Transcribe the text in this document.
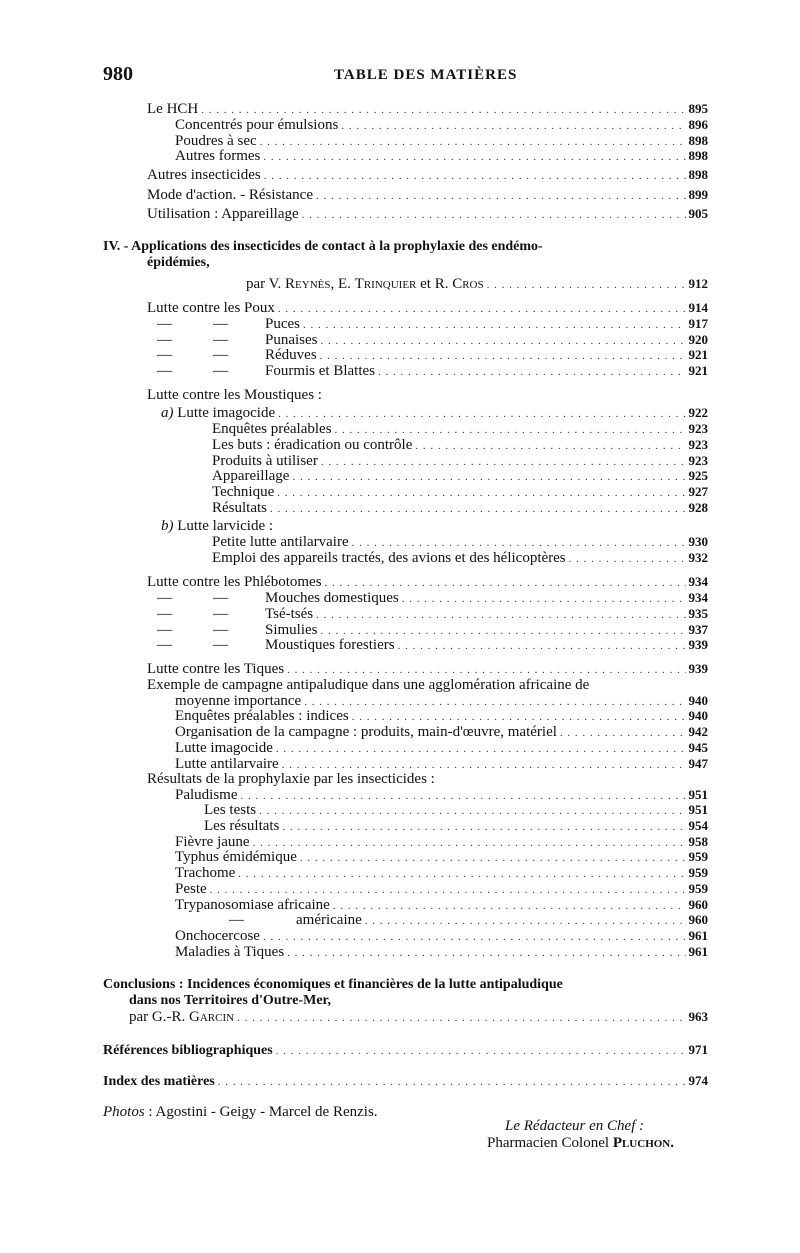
980	TABLE DES MATIÈRES
Le HCH . . .	895
Concentrés pour émulsions . . .	896
Poudres à sec . . .	898
Autres formes . . .	898
Autres insecticides . . .	898
Mode d'action. - Résistance . . .	899
Utilisation : Appareillage . . .	905
IV. - Applications des insecticides de contact à la prophylaxie des endémo-
épidémies,
par V. Reynès, E. Trinquier et R. Cros . . .	912
Lutte contre les Poux . . .	914
—	— Puces . . .	917
—	— Punaises . . .	920
—	— Réduves . . .	921
—	— Fourmis et Blattes . . .	921
Lutte contre les Moustiques :
a) Lutte imagocide . . .	922
Enquêtes préalables . . .	923
Les buts : éradication ou contrôle . . .	923
Produits à utiliser . . .	923
Appareillage . . .	925
Technique . . .	927
Résultats . . .	928
b) Lutte larvicide :
Petite lutte antilarvaire . . .	930
Emploi des appareils tractés, des avions et des hélicoptères . . .	932
Lutte contre les Phlébotomes . . .	934
—	— Mouches domestiques . . .	934
—	— Tsé-tsés . . .	935
—	— Simulies . . .	937
—	— Moustiques forestiers . . .	939
Lutte contre les Tiques . . .	939
Exemple de campagne antipaludique dans une agglomération africaine de
moyenne importance . . .	940
Enquêtes préalables : indices . . .	940
Organisation de la campagne : produits, main-d'œuvre, matériel . . .	942
Lutte imagocide . . .	945
Lutte antilarvaire . . .	947
Résultats de la prophylaxie par les insecticides :
Paludisme . . .	951
Les tests . . .	951
Les résultats . . .	954
Fièvre jaune . . .	958
Typhus émidémique . . .	959
Trachome . . .	959
Peste . . .	959
Trypanosomiase africaine . . .	960
—	américaine . . .	960
Onchocercose . . .	961
Maladies à Tiques . . .	961
Conclusions : Incidences économiques et financières de la lutte antipaludique
dans nos Territoires d'Outre-Mer,
par G.-R. Garcin . . .	963
Références bibliographiques . . .	971
Index des matières . . .	974
Photos : Agostini - Geigy - Marcel de Renzis.
Le Rédacteur en Chef :
Pharmacien Colonel Pluchon.
